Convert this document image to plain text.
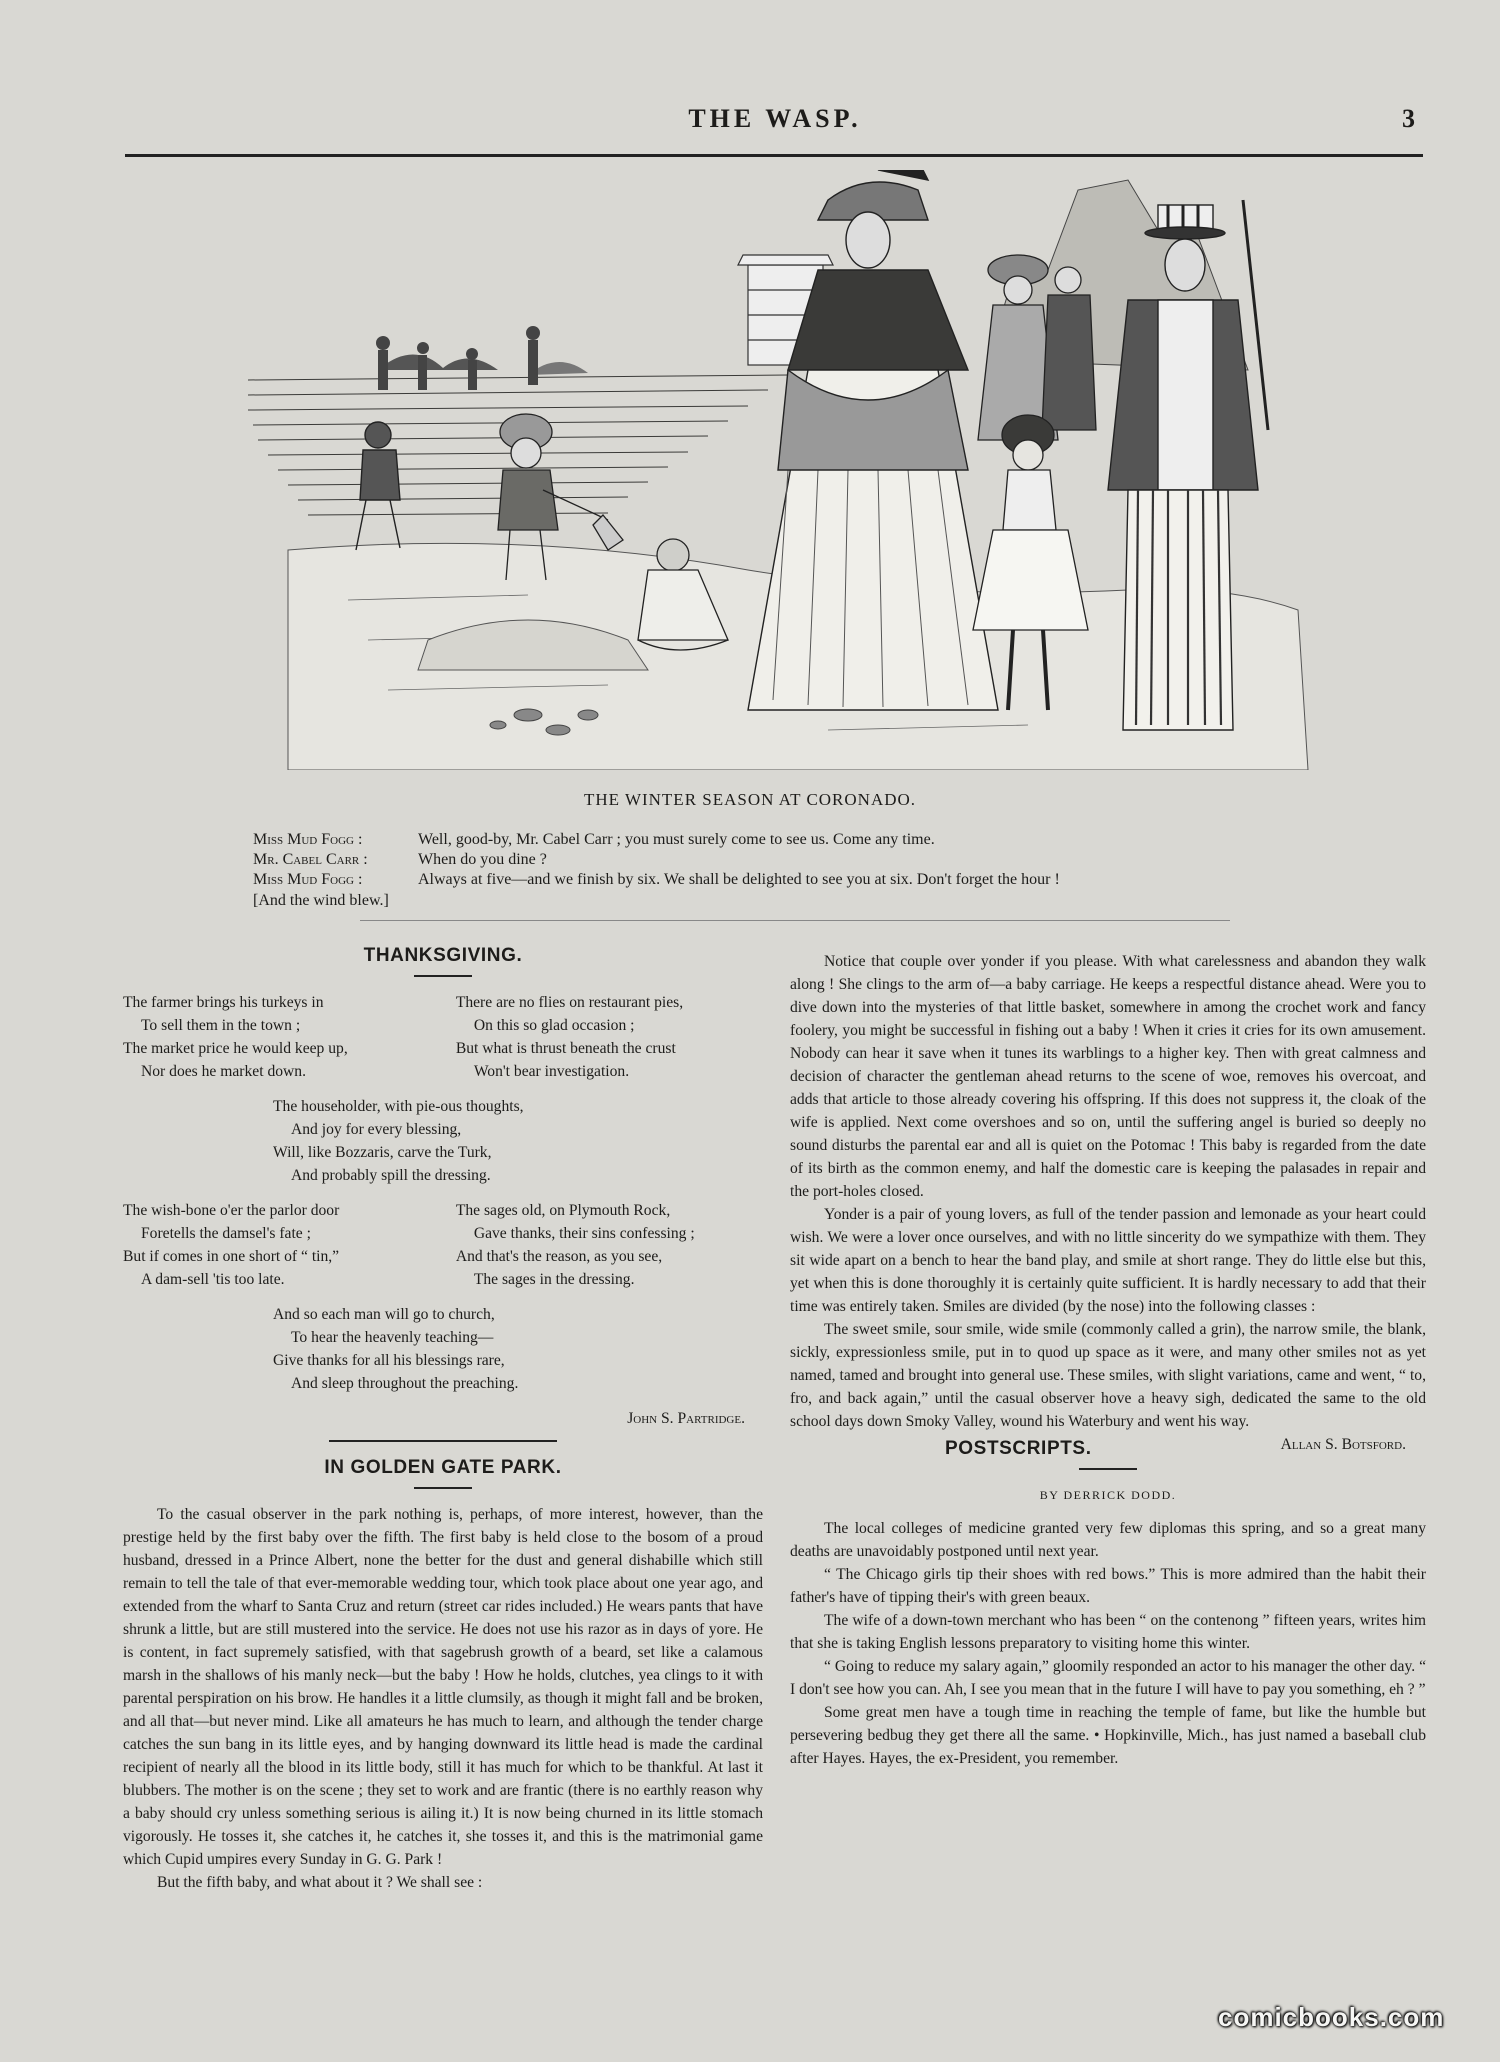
THE WASP.	3
THE WINTER SEASON AT CORONADO.
Miss Mud Fogg :	Well, good-by, Mr. Cabel Carr ; you must surely come to see us. Come any time.
Mr. Cabel Carr :	When do you dine ?
Miss Mud Fogg :	Always at five—and we finish by six. We shall be delighted to see you at six. Don't forget the hour !
[And the wind blew.]
THANKSGIVING.
The farmer brings his turkeys in
To sell them in the town ;
The market price he would keep up,
Nor does he market down.
There are no flies on restaurant pies,
On this so glad occasion ;
But what is thrust beneath the crust
Won't bear investigation.
The householder, with pie-ous thoughts,
And joy for every blessing,
Will, like Bozzaris, carve the Turk,
And probably spill the dressing.
The wish-bone o'er the parlor door
Foretells the damsel's fate ;
But if comes in one short of “ tin,”
A dam-sell 'tis too late.
The sages old, on Plymouth Rock,
Gave thanks, their sins confessing ;
And that's the reason, as you see,
The sages in the dressing.
And so each man will go to church,
To hear the heavenly teaching—
Give thanks for all his blessings rare,
And sleep throughout the preaching.
John S. Partridge.
IN GOLDEN GATE PARK.

To the casual observer in the park nothing is, perhaps, of more interest, however, than the prestige held by the first baby over the fifth. The first baby is held close to the bosom of a proud husband, dressed in a Prince Albert, none the better for the dust and general dishabille which still remain to tell the tale of that ever-memorable wedding tour, which took place about one year ago, and extended from the wharf to Santa Cruz and return (street car rides included.) He wears pants that have shrunk a little, but are still mustered into the service. He does not use his razor as in days of yore. He is content, in fact supremely satisfied, with that sagebrush growth of a beard, set like a calamous marsh in the shallows of his manly neck—but the baby ! How he holds, clutches, yea clings to it with parental perspiration on his brow. He handles it a little clumsily, as though it might fall and be broken, and all that—but never mind. Like all amateurs he has much to learn, and although the tender charge catches the sun bang in its little eyes, and by hanging downward its little head is made the cardinal recipient of nearly all the blood in its little body, still it has much for which to be thankful. At last it blubbers. The mother is on the scene ; they set to work and are frantic (there is no earthly reason why a baby should cry unless something serious is ailing it.) It is now being churned in its little stomach vigorously. He tosses it, she catches it, he catches it, she tosses it, and this is the matrimonial game which Cupid umpires every Sunday in G. G. Park !

But the fifth baby, and what about it ? We shall see :

Notice that couple over yonder if you please. With what carelessness and abandon they walk along ! She clings to the arm of—a baby carriage. He keeps a respectful distance ahead. Were you to dive down into the mysteries of that little basket, somewhere in among the crochet work and fancy foolery, you might be successful in fishing out a baby ! When it cries it cries for its own amusement. Nobody can hear it save when it tunes its warblings to a higher key. Then with great calmness and decision of character the gentleman ahead returns to the scene of woe, removes his overcoat, and adds that article to those already covering his offspring. If this does not suppress it, the cloak of the wife is applied. Next come overshoes and so on, until the suffering angel is buried so deeply no sound disturbs the parental ear and all is quiet on the Potomac ! This baby is regarded from the date of its birth as the common enemy, and half the domestic care is keeping the palasades in repair and the port-holes closed.

Yonder is a pair of young lovers, as full of the tender passion and lemonade as your heart could wish. We were a lover once ourselves, and with no little sincerity do we sympathize with them. They sit wide apart on a bench to hear the band play, and smile at short range. They do little else but this, yet when this is done thoroughly it is certainly quite sufficient. It is hardly necessary to add that their time was entirely taken. Smiles are divided (by the nose) into the following classes :

The sweet smile, sour smile, wide smile (commonly called a grin), the narrow smile, the blank, sickly, expressionless smile, put in to quod up space as it were, and many other smiles not as yet named, tamed and brought into general use. These smiles, with slight variations, came and went, “ to, fro, and back again,” until the casual observer hove a heavy sigh, dedicated the same to the old school days down Smoky Valley, wound his Waterbury and went his way.
Allan S. Botsford.

POSTSCRIPTS.
BY DERRICK DODD.

The local colleges of medicine granted very few diplomas this spring, and so a great many deaths are unavoidably postponed until next year.

“ The Chicago girls tip their shoes with red bows.” This is more admired than the habit their father's have of tipping their's with green beaux.

The wife of a down-town merchant who has been “ on the contenong ” fifteen years, writes him that she is taking English lessons preparatory to visiting home this winter.

“ Going to reduce my salary again,” gloomily responded an actor to his manager the other day. “ I don't see how you can. Ah, I see you mean that in the future I will have to pay you something, eh ? ”

Some great men have a tough time in reaching the temple of fame, but like the humble but persevering bedbug they get there all the same. • Hopkinville, Mich., has just named a baseball club after Hayes. Hayes, the ex-President, you remember.

comicbooks.com
